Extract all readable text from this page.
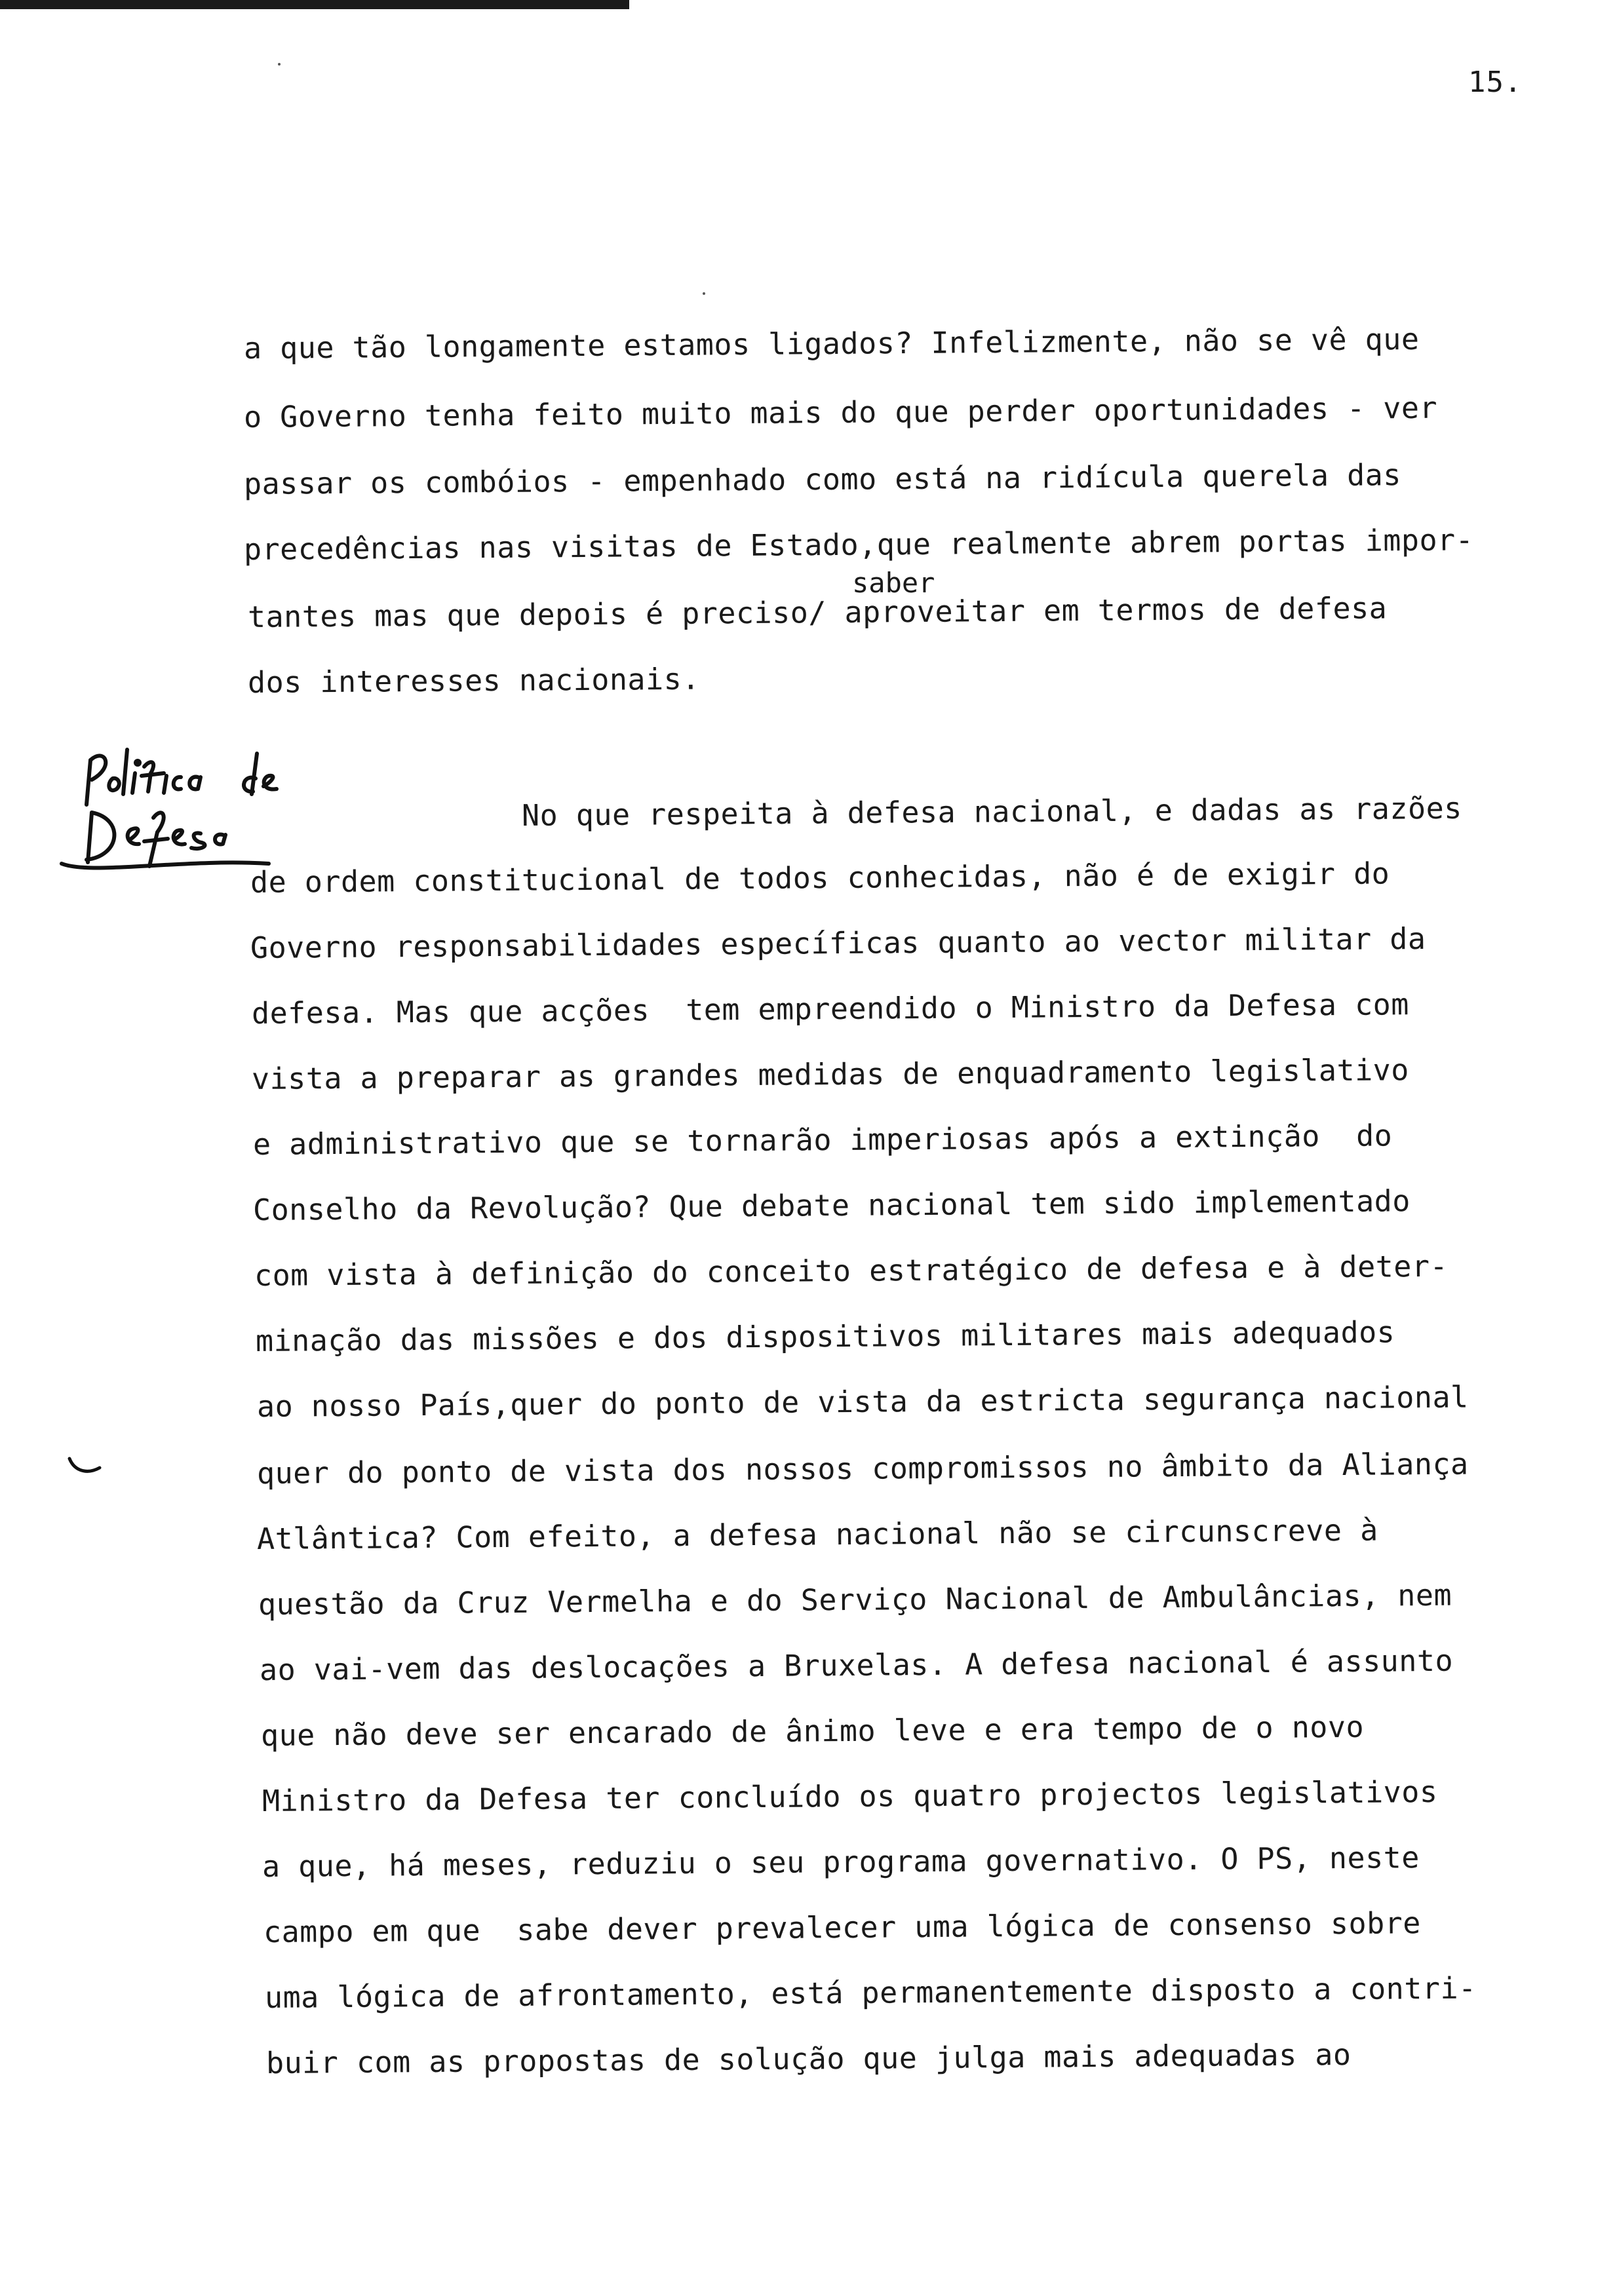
15.
a que tão longamente estamos ligados? Infelizmente, não se vê que
o Governo tenha feito muito mais do que perder oportunidades - ver
passar os combóios - empenhado como está na ridícula querela das
precedências nas visitas de Estado,que realmente abrem portas impor-
saber
tantes mas que depois é preciso/ aproveitar em termos de defesa
dos interesses nacionais.
No que respeita à defesa nacional, e dadas as razões
de ordem constitucional de todos conhecidas, não é de exigir do
Governo responsabilidades específicas quanto ao vector militar da
defesa. Mas que acções  tem empreendido o Ministro da Defesa com
vista a preparar as grandes medidas de enquadramento legislativo
e administrativo que se tornarão imperiosas após a extinção  do
Conselho da Revolução? Que debate nacional tem sido implementado
com vista à definição do conceito estratégico de defesa e à deter-
minação das missões e dos dispositivos militares mais adequados
ao nosso País,quer do ponto de vista da estricta segurança nacional
quer do ponto de vista dos nossos compromissos no âmbito da Aliança
Atlântica? Com efeito, a defesa nacional não se circunscreve à
questão da Cruz Vermelha e do Serviço Nacional de Ambulâncias, nem
ao vai-vem das deslocações a Bruxelas. A defesa nacional é assunto
que não deve ser encarado de ânimo leve e era tempo de o novo
Ministro da Defesa ter concluído os quatro projectos legislativos
a que, há meses, reduziu o seu programa governativo. O PS, neste
campo em que  sabe dever prevalecer uma lógica de consenso sobre
uma lógica de afrontamento, está permanentemente disposto a contri-
buir com as propostas de solução que julga mais adequadas ao
